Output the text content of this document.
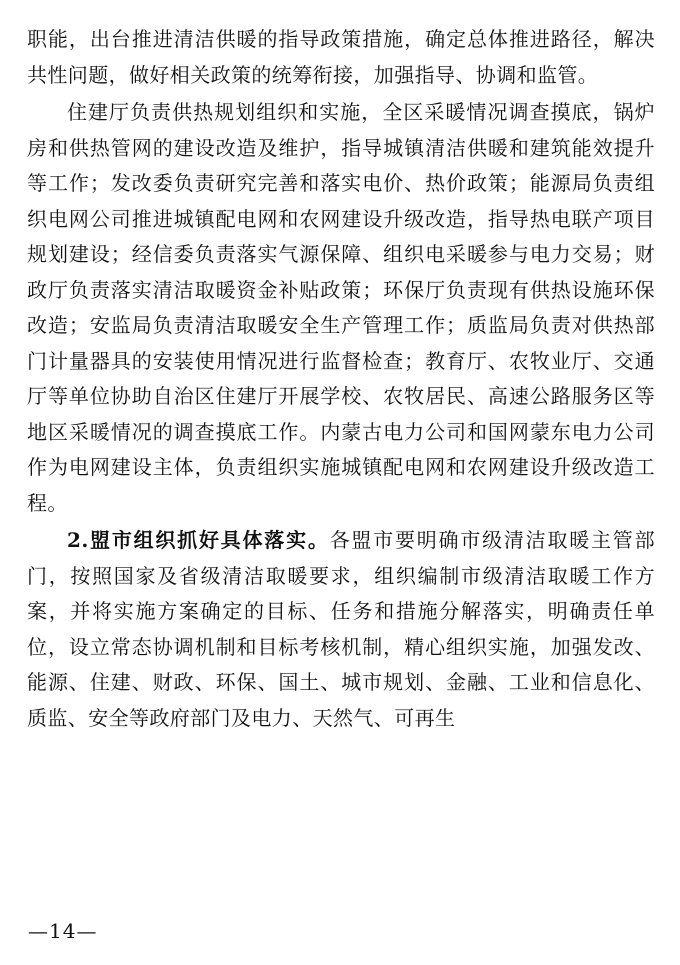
职能，出台推进清洁供暖的指导政策措施，确定总体推进路径，解决共性问题，做好相关政策的统筹衔接，加强指导、协调和监管。

住建厅负责供热规划组织和实施，全区采暖情况调查摸底，锅炉房和供热管网的建设改造及维护，指导城镇清洁供暖和建筑能效提升等工作；发改委负责研究完善和落实电价、热价政策；能源局负责组织电网公司推进城镇配电网和农网建设升级改造，指导热电联产项目规划建设；经信委负责落实气源保障、组织电采暖参与电力交易；财政厅负责落实清洁取暖资金补贴政策；环保厅负责现有供热设施环保改造；安监局负责清洁取暖安全生产管理工作；质监局负责对供热部门计量器具的安装使用情况进行监督检查；教育厅、农牧业厅、交通厅等单位协助自治区住建厅开展学校、农牧居民、高速公路服务区等地区采暖情况的调查摸底工作。内蒙古电力公司和国网蒙东电力公司作为电网建设主体，负责组织实施城镇配电网和农网建设升级改造工程。

2.盟市组织抓好具体落实。各盟市要明确市级清洁取暖主管部门，按照国家及省级清洁取暖要求，组织编制市级清洁取暖工作方案，并将实施方案确定的目标、任务和措施分解落实，明确责任单位，设立常态协调机制和目标考核机制，精心组织实施，加强发改、能源、住建、财政、环保、国土、城市规划、金融、工业和信息化、质监、安全等政府部门及电力、天然气、可再生

—14—
